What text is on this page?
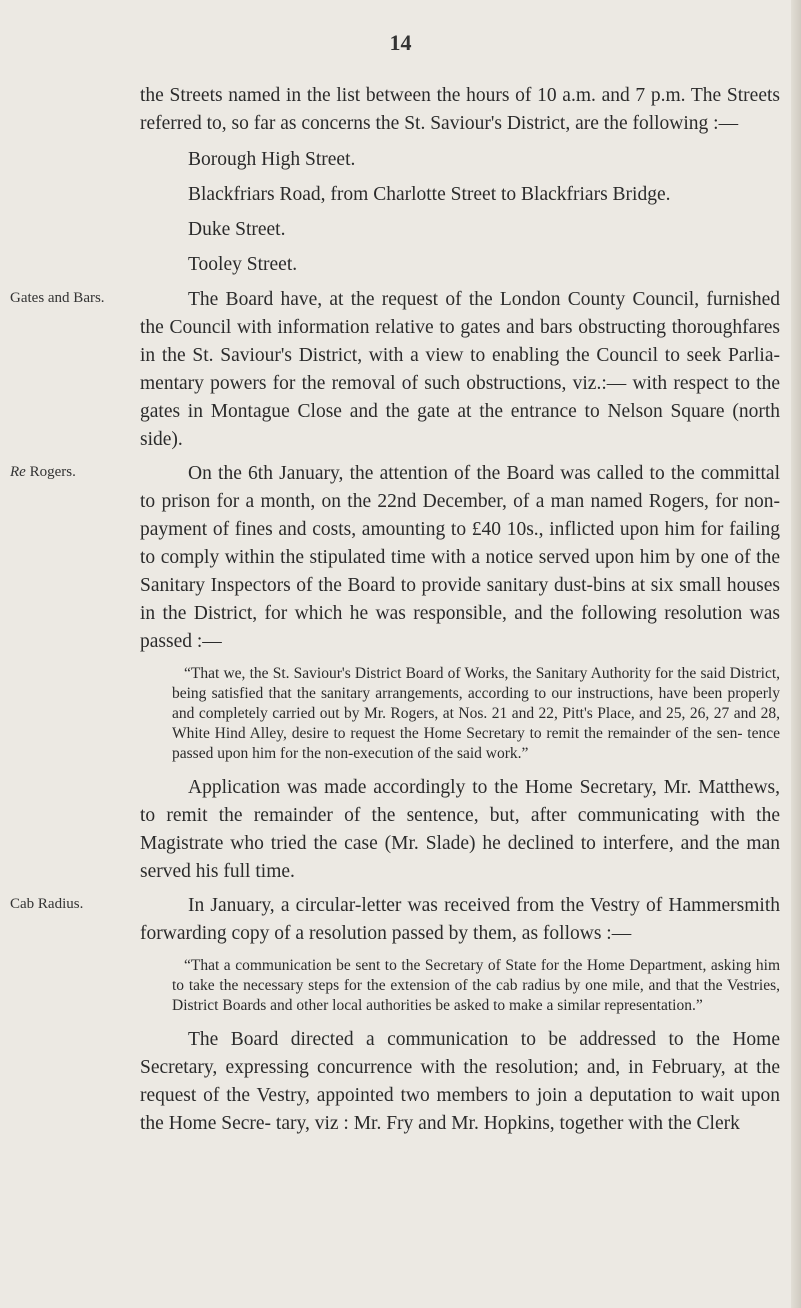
14

the Streets named in the list between the hours of 10 a.m. and 7 p.m. The Streets referred to, so far as concerns the St. Saviour's District, are the following :—

Borough High Street.
Blackfriars Road, from Charlotte Street to Blackfriars Bridge.
Duke Street.
Tooley Street.
Gates and Bars.	The Board have, at the request of the London County Council, furnished the Council with information relative to gates and bars obstructing thoroughfares in the St. Saviour's District, with a view to enabling the Council to seek Parlia- mentary powers for the removal of such obstructions, viz.:— with respect to the gates in Montague Close and the gate at the entrance to Nelson Square (north side).

Re Rogers.	On the 6th January, the attention of the Board was called to the committal to prison for a month, on the 22nd December, of a man named Rogers, for non-payment of fines and costs, amounting to £40 10s., inflicted upon him for failing to comply within the stipulated time with a notice served upon him by one of the Sanitary Inspectors of the Board to provide sanitary dust-bins at six small houses in the District, for which he was responsible, and the following resolution was passed :—

“That we, the St. Saviour's District Board of Works, the Sanitary Authority for the said District, being satisfied that the sanitary arrangements, according to our instructions, have been properly and completely carried out by Mr. Rogers, at Nos. 21 and 22, Pitt's Place, and 25, 26, 27 and 28, White Hind Alley, desire to request the Home Secretary to remit the remainder of the sen- tence passed upon him for the non-execution of the said work.”

Application was made accordingly to the Home Secretary, Mr. Matthews, to remit the remainder of the sentence, but, after communicating with the Magistrate who tried the case (Mr. Slade) he declined to interfere, and the man served his full time.

Cab Radius.	In January, a circular-letter was received from the Vestry of Hammersmith forwarding copy of a resolution passed by them, as follows :—

“That a communication be sent to the Secretary of State for the Home Department, asking him to take the necessary steps for the extension of the cab radius by one mile, and that the Vestries, District Boards and other local authorities be asked to make a similar representation.”

The Board directed a communication to be addressed to the Home Secretary, expressing concurrence with the resolution; and, in February, at the request of the Vestry, appointed two members to join a deputation to wait upon the Home Secre- tary, viz : Mr. Fry and Mr. Hopkins, together with the Clerk
